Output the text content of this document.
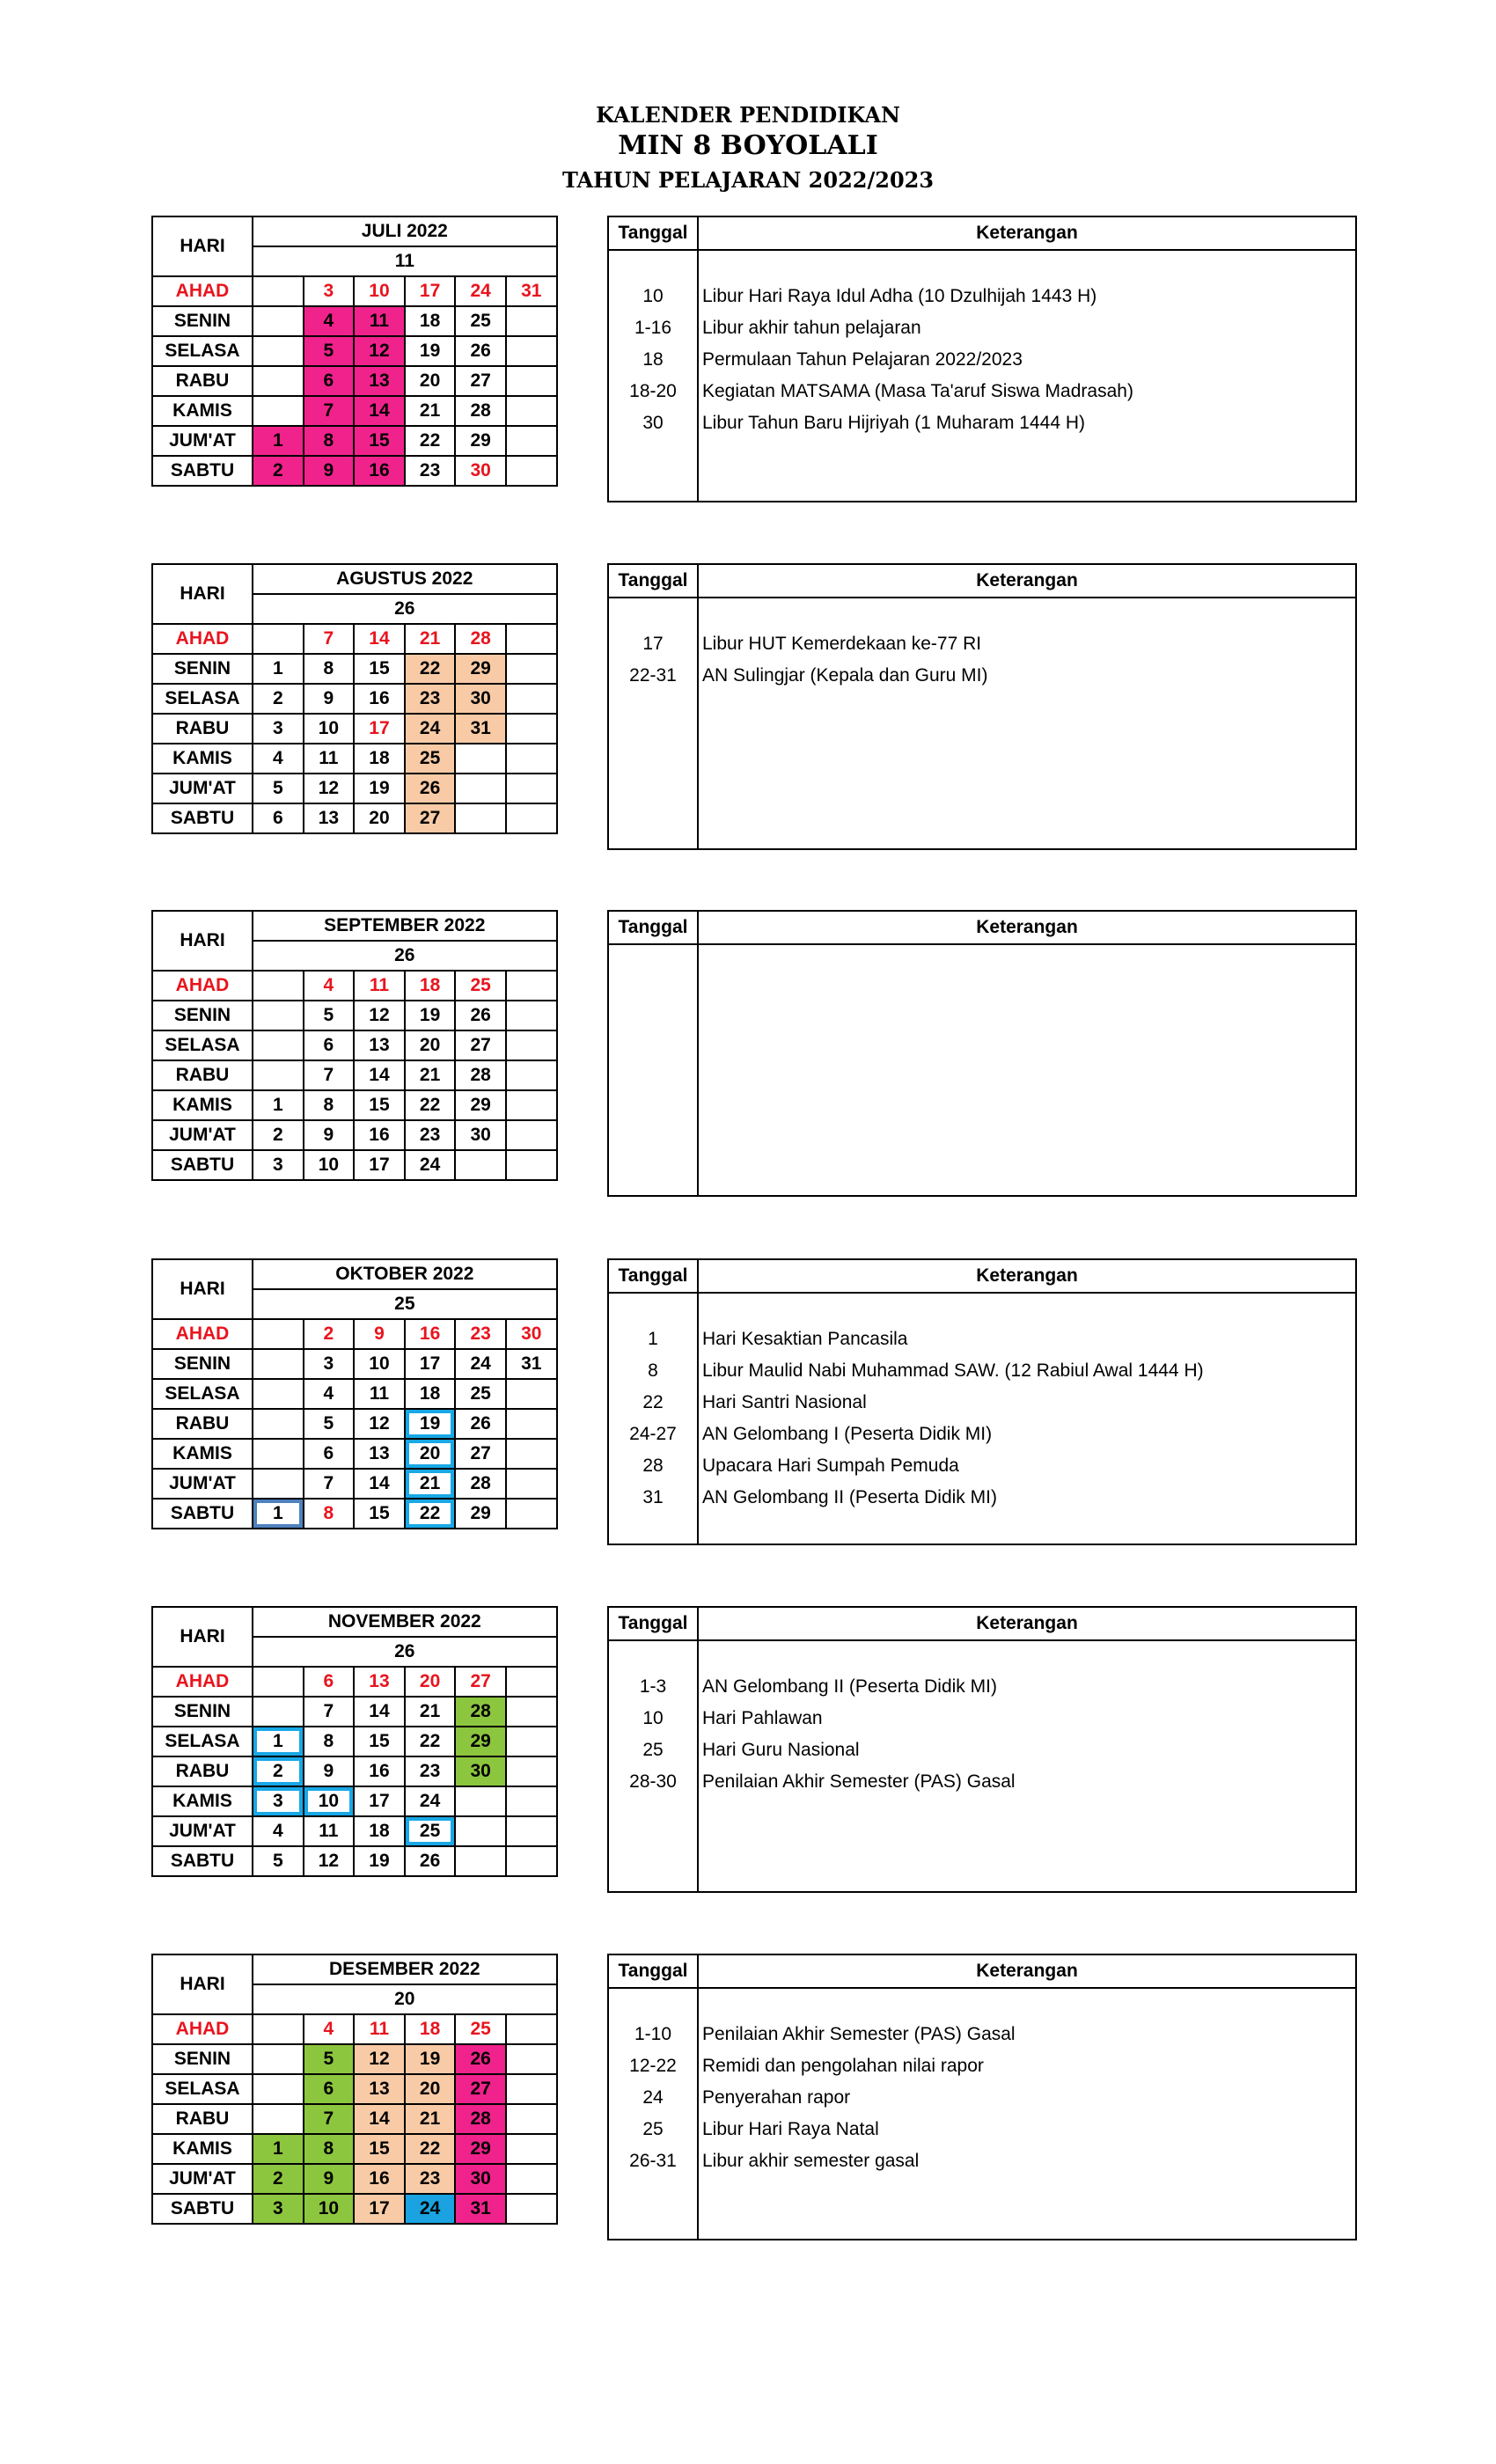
KALENDER PENDIDIKAN
MIN 8 BOYOLALI
TAHUN PELAJARAN 2022/2023
HARI	JULI 2022					
	11					
AHAD		3	10	17	24	31
SENIN		4	11	18	25	
SELASA		5	12	19	26	
RABU		6	13	20	27	
KAMIS		7	14	21	28	
JUM'AT	1	8	15	22	29	
SABTU	2	9	16	23	30	
Tanggal	Keterangan
10	Libur Hari Raya Idul Adha (10 Dzulhijah 1443 H)
1-16	Libur akhir tahun pelajaran
18	Permulaan Tahun Pelajaran 2022/2023
18-20	Kegiatan MATSAMA (Masa Ta'aruf Siswa Madrasah)
30	Libur Tahun Baru Hijriyah (1 Muharam 1444 H)
HARI	AGUSTUS 2022					
	26					
AHAD		7	14	21	28	
SENIN	1	8	15	22	29	
SELASA	2	9	16	23	30	
RABU	3	10	17	24	31	
KAMIS	4	11	18	25		
JUM'AT	5	12	19	26		
SABTU	6	13	20	27		
Tanggal	Keterangan
17	Libur HUT Kemerdekaan ke-77 RI
22-31	AN Sulingjar (Kepala dan Guru MI)
HARI	SEPTEMBER 2022					
	26					
AHAD		4	11	18	25	
SENIN		5	12	19	26	
SELASA		6	13	20	27	
RABU		7	14	21	28	
KAMIS	1	8	15	22	29	
JUM'AT	2	9	16	23	30	
SABTU	3	10	17	24		
Tanggal	Keterangan
HARI	OKTOBER 2022					
	25					
AHAD		2	9	16	23	30
SENIN		3	10	17	24	31
SELASA		4	11	18	25	
RABU		5	12	19	26	
KAMIS		6	13	20	27	
JUM'AT		7	14	21	28	
SABTU	1	8	15	22	29	
Tanggal	Keterangan
1	Hari Kesaktian Pancasila
8	Libur Maulid Nabi Muhammad SAW. (12 Rabiul Awal 1444 H)
22	Hari Santri Nasional
24-27	AN Gelombang I (Peserta Didik MI)
28	Upacara Hari Sumpah Pemuda
31	AN Gelombang II (Peserta Didik MI)
HARI	NOVEMBER 2022					
	26					
AHAD		6	13	20	27	
SENIN		7	14	21	28	
SELASA	1	8	15	22	29	
RABU	2	9	16	23	30	
KAMIS	3	10	17	24		
JUM'AT	4	11	18	25		
SABTU	5	12	19	26		
Tanggal	Keterangan
1-3	AN Gelombang II (Peserta Didik MI)
10	Hari Pahlawan
25	Hari Guru Nasional
28-30	Penilaian Akhir Semester (PAS) Gasal
HARI	DESEMBER 2022					
	20					
AHAD		4	11	18	25	
SENIN		5	12	19	26	
SELASA		6	13	20	27	
RABU		7	14	21	28	
KAMIS	1	8	15	22	29	
JUM'AT	2	9	16	23	30	
SABTU	3	10	17	24	31	
Tanggal	Keterangan
1-10	Penilaian Akhir Semester (PAS) Gasal
12-22	Remidi dan pengolahan nilai rapor
24	Penyerahan rapor
25	Libur Hari Raya Natal
26-31	Libur akhir semester gasal
